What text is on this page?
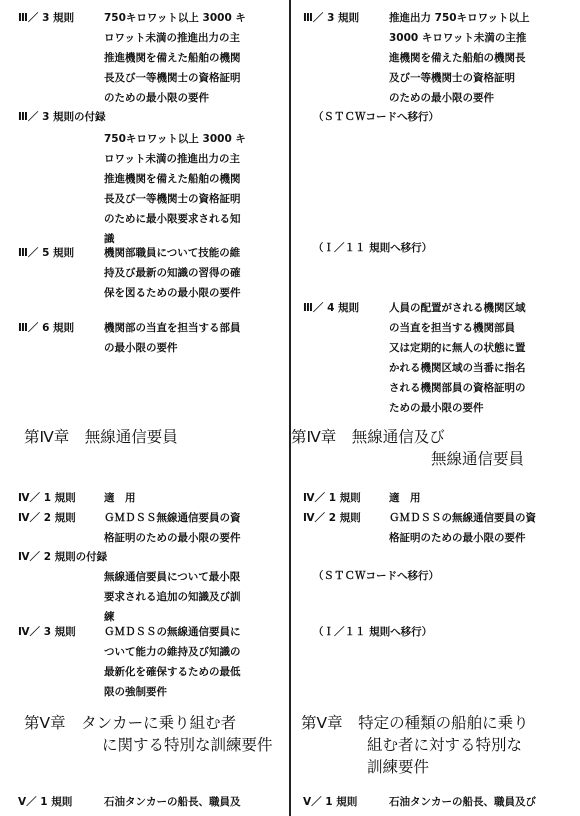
Ⅲ／ 3 規則	750キロワット以上 3000 キ
ロワット未満の推進出力の主
推進機関を備えた船舶の機関
長及び一等機関士の資格証明
のための最小限の要件
Ⅲ／ 3 規則の付録
750キロワット以上 3000 キ
ロワット未満の推進出力の主
推進機関を備えた船舶の機関
長及び一等機関士の資格証明
のために最小限要求される知
識
Ⅲ／ 5 規則	機関部職員について技能の維
持及び最新の知識の習得の確
保を図るための最小限の要件
Ⅲ／ 6 規則	機関部の当直を担当する部員
の最小限の要件
第Ⅳ章　無線通信要員
Ⅳ／ 1 規則	適　用
Ⅳ／ 2 規則	ＧＭＤＳＳ無線通信要員の資
格証明のための最小限の要件
Ⅳ／ 2 規則の付録
無線通信要員について最小限
要求される追加の知識及び訓
練
Ⅳ／ 3 規則	ＧＭＤＳＳの無線通信要員に
ついて能力の維持及び知識の
最新化を確保するための最低
限の強制要件
第Ⅴ章　タンカーに乗り組む者
に関する特別な訓練要件
Ⅴ／ 1 規則	石油タンカーの船長、職員及
Ⅲ／ 3 規則	推進出力 750キロワット以上
3000 キロワット未満の主推
進機関を備えた船舶の機関長
及び一等機関士の資格証明
のための最小限の要件
（ＳＴＣＷコードへ移行）
（Ｉ／１１ 規則へ移行）
Ⅲ／ 4 規則	人員の配置がされる機関区域
の当直を担当する機関部員
又は定期的に無人の状態に置
かれる機関区域の当番に指名
される機関部員の資格証明の
ための最小限の要件
第Ⅳ章　無線通信及び
無線通信要員
Ⅳ／ 1 規則	適　用
Ⅳ／ 2 規則	ＧＭＤＳＳの無線通信要員の資
格証明のための最小限の要件
（ＳＴＣＷコードへ移行）
（Ｉ／１１ 規則へ移行）
第Ⅴ章　特定の種類の船舶に乗り
組む者に対する特別な
訓練要件
Ⅴ／ 1 規則	石油タンカーの船長、職員及び
